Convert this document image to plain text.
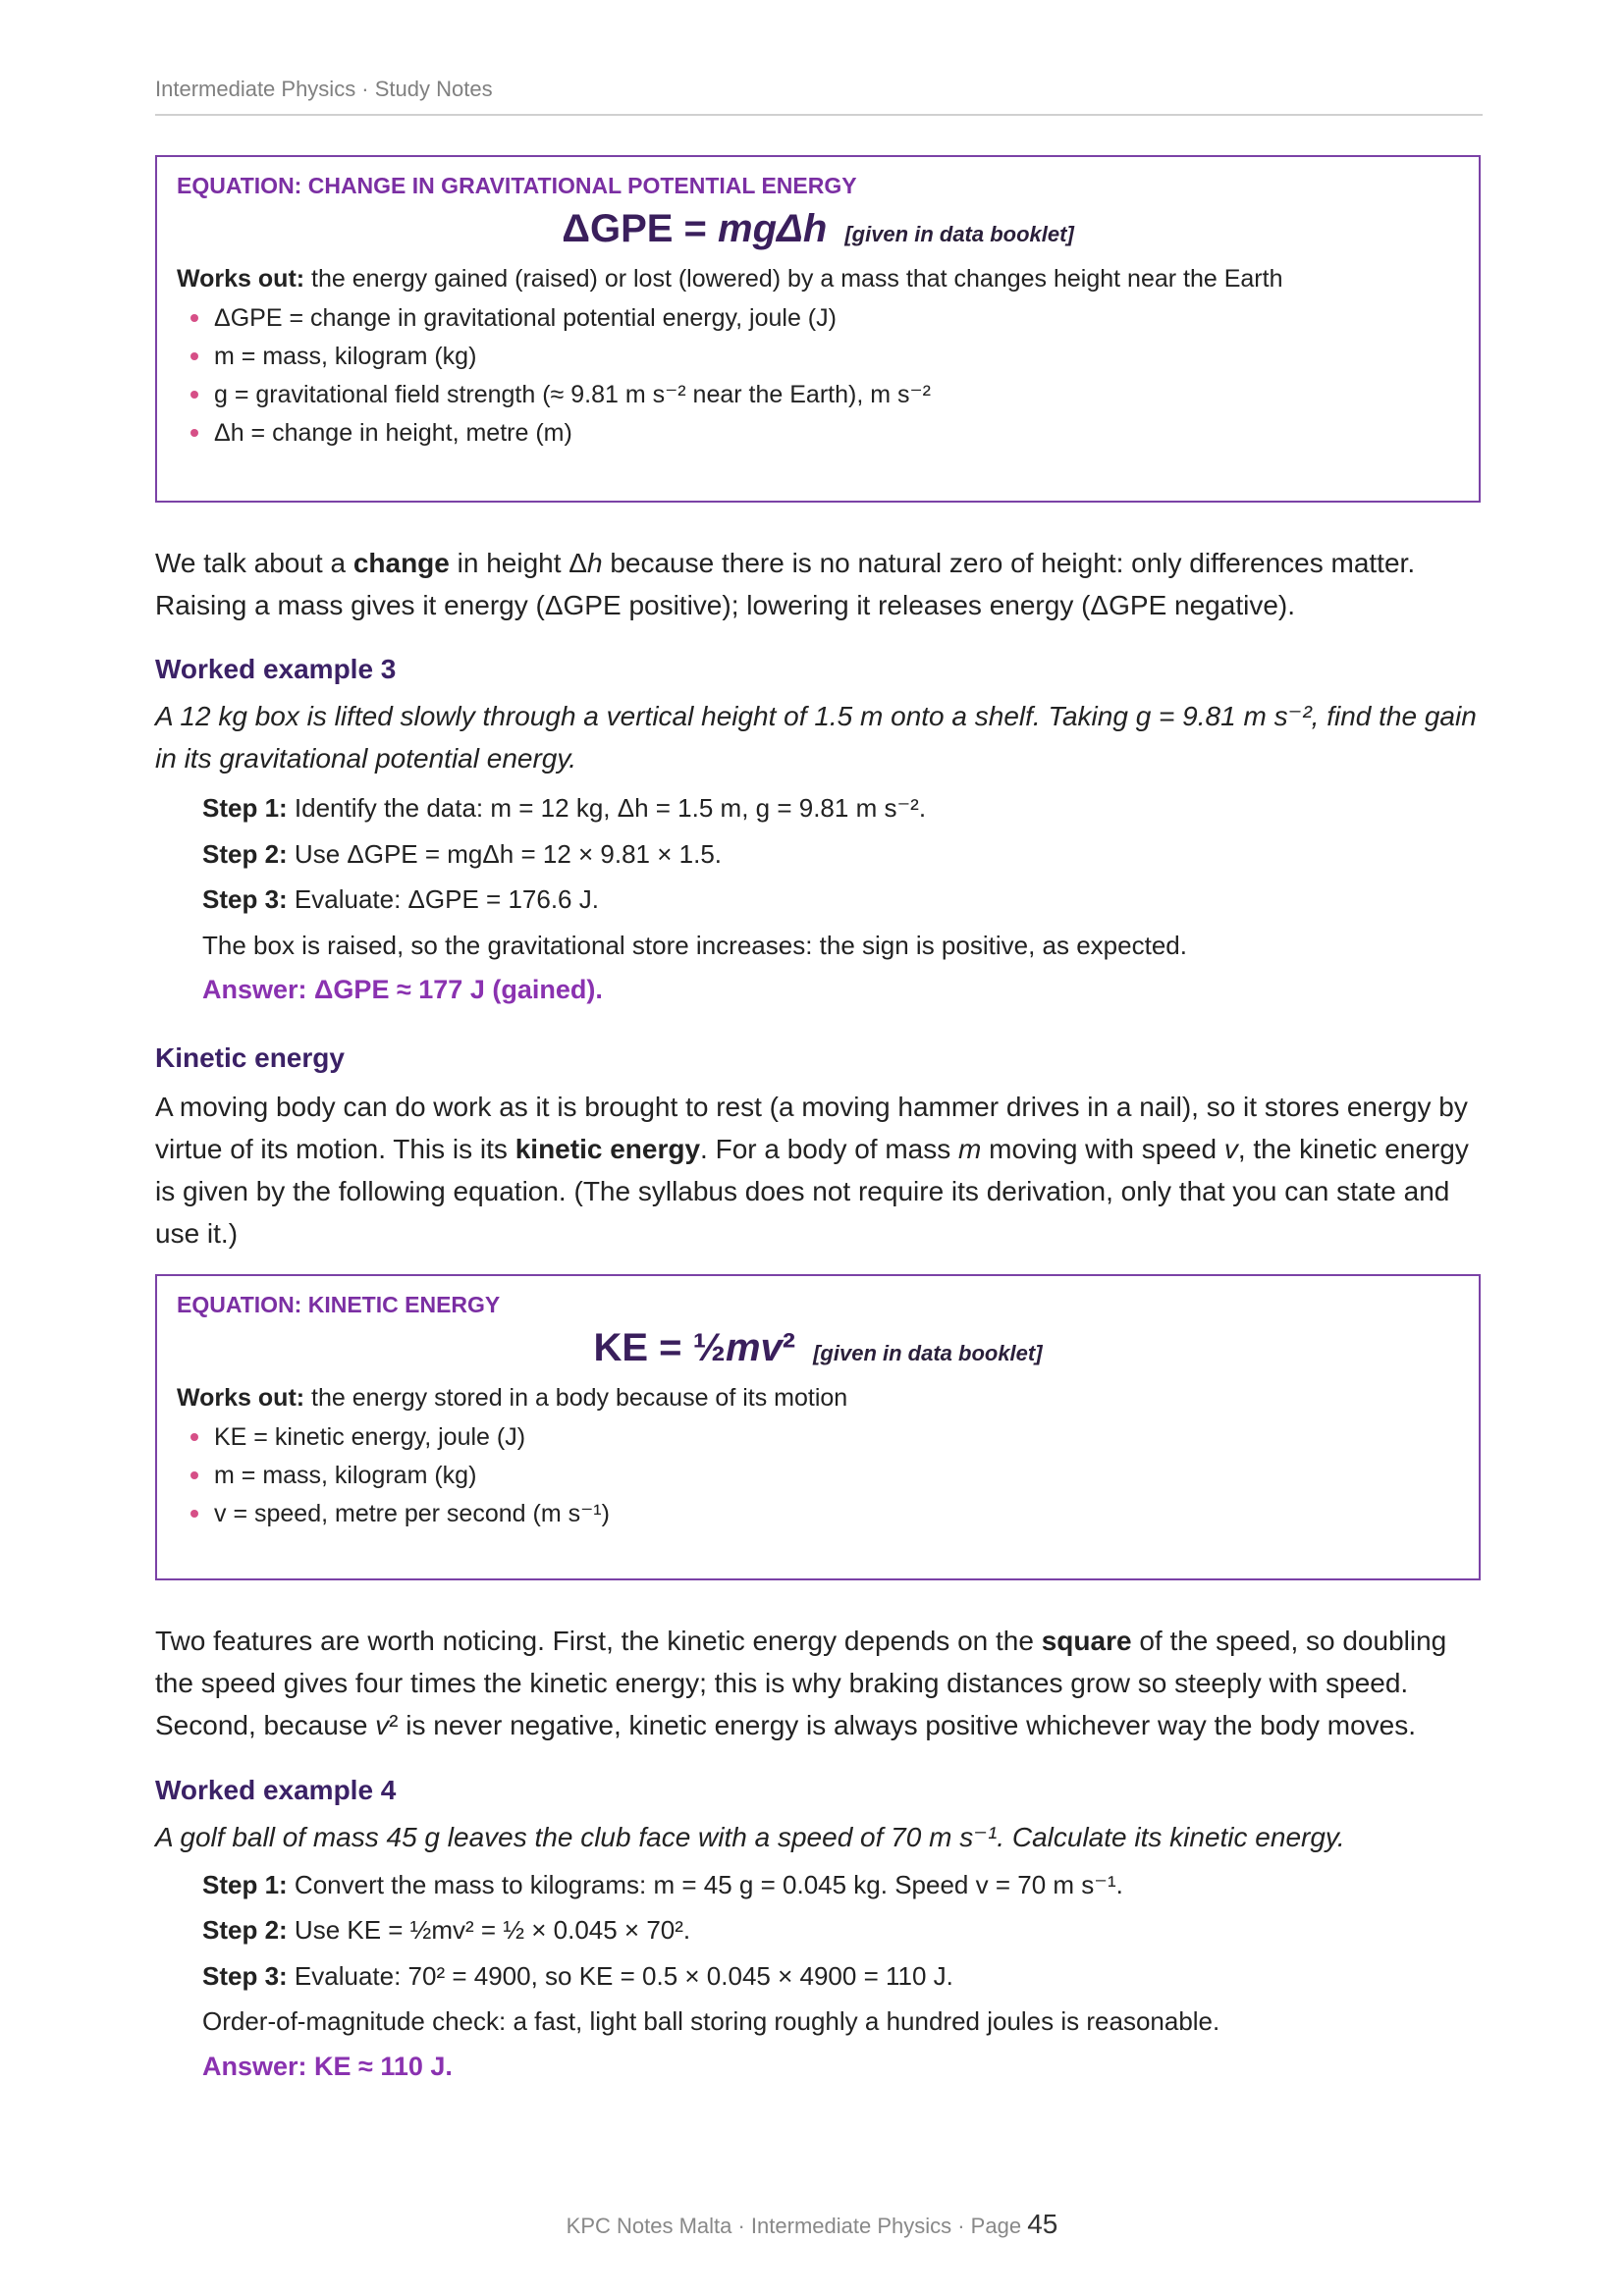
Intermediate Physics · Study Notes
EQUATION: CHANGE IN GRAVITATIONAL POTENTIAL ENERGY
ΔGPE = mgΔh [given in data booklet]
Works out: the energy gained (raised) or lost (lowered) by a mass that changes height near the Earth
ΔGPE = change in gravitational potential energy, joule (J)
m = mass, kilogram (kg)
g = gravitational field strength (≈ 9.81 m s⁻² near the Earth), m s⁻²
Δh = change in height, metre (m)
We talk about a change in height Δh because there is no natural zero of height: only differences matter. Raising a mass gives it energy (ΔGPE positive); lowering it releases energy (ΔGPE negative).
Worked example 3
A 12 kg box is lifted slowly through a vertical height of 1.5 m onto a shelf. Taking g = 9.81 m s⁻², find the gain in its gravitational potential energy.
Step 1: Identify the data: m = 12 kg, Δh = 1.5 m, g = 9.81 m s⁻².
Step 2: Use ΔGPE = mgΔh = 12 × 9.81 × 1.5.
Step 3: Evaluate: ΔGPE = 176.6 J.
The box is raised, so the gravitational store increases: the sign is positive, as expected.
Answer: ΔGPE ≈ 177 J (gained).
Kinetic energy
A moving body can do work as it is brought to rest (a moving hammer drives in a nail), so it stores energy by virtue of its motion. This is its kinetic energy. For a body of mass m moving with speed v, the kinetic energy is given by the following equation. (The syllabus does not require its derivation, only that you can state and use it.)
EQUATION: KINETIC ENERGY
KE = ½mv² [given in data booklet]
Works out: the energy stored in a body because of its motion
KE = kinetic energy, joule (J)
m = mass, kilogram (kg)
v = speed, metre per second (m s⁻¹)
Two features are worth noticing. First, the kinetic energy depends on the square of the speed, so doubling the speed gives four times the kinetic energy; this is why braking distances grow so steeply with speed. Second, because v² is never negative, kinetic energy is always positive whichever way the body moves.
Worked example 4
A golf ball of mass 45 g leaves the club face with a speed of 70 m s⁻¹. Calculate its kinetic energy.
Step 1: Convert the mass to kilograms: m = 45 g = 0.045 kg. Speed v = 70 m s⁻¹.
Step 2: Use KE = ½mv² = ½ × 0.045 × 70².
Step 3: Evaluate: 70² = 4900, so KE = 0.5 × 0.045 × 4900 = 110 J.
Order-of-magnitude check: a fast, light ball storing roughly a hundred joules is reasonable.
Answer: KE ≈ 110 J.
KPC Notes Malta · Intermediate Physics · Page 45
